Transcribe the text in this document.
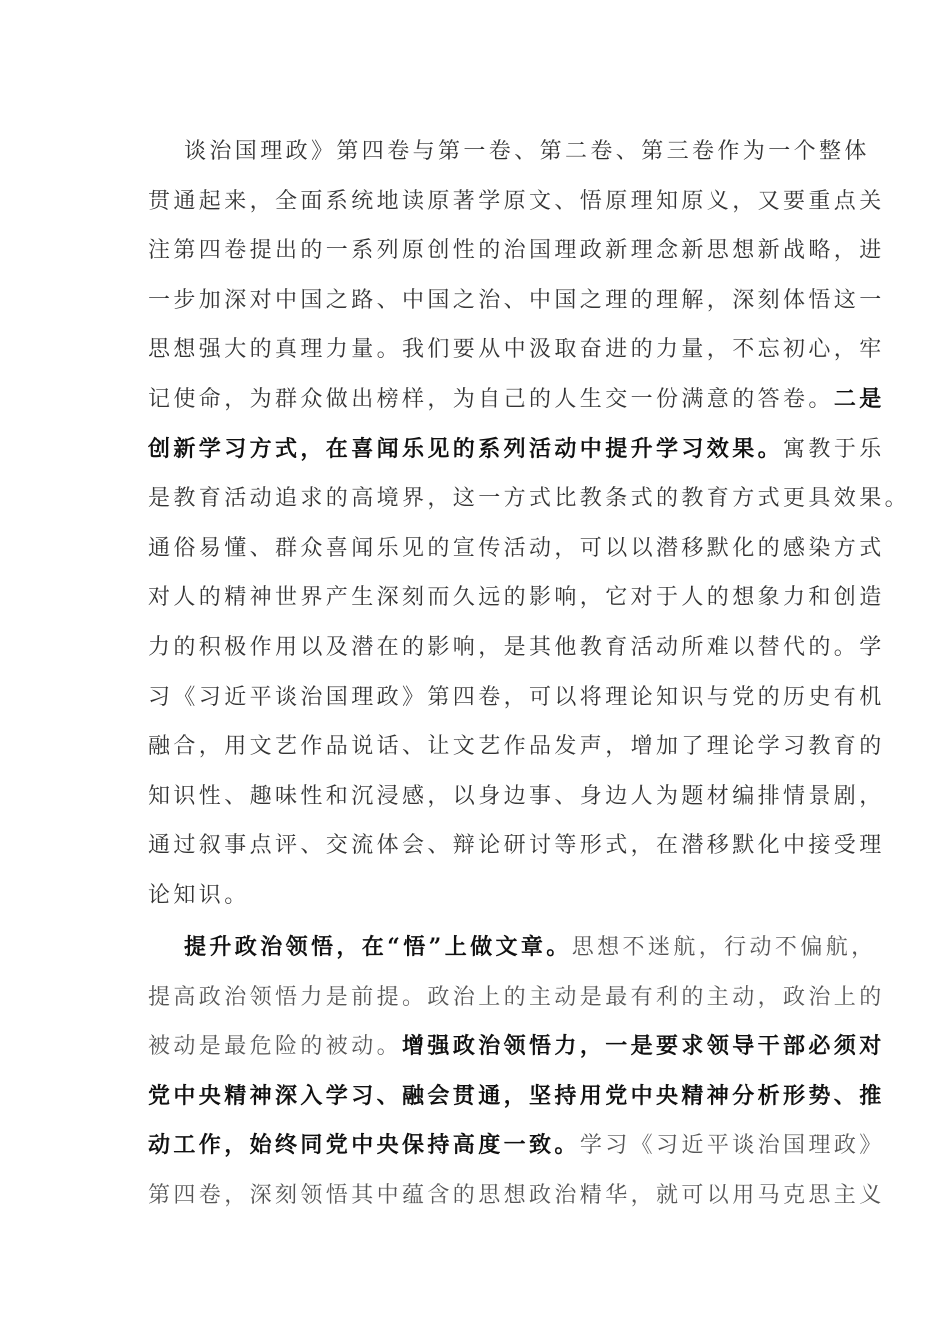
谈治国理政》第四卷与第一卷、第二卷、第三卷作为一个整体
贯通起来，全面系统地读原著学原文、悟原理知原义，又要重点关
注第四卷提出的一系列原创性的治国理政新理念新思想新战略，进
一步加深对中国之路、中国之治、中国之理的理解，深刻体悟这一
思想强大的真理力量。我们要从中汲取奋进的力量，不忘初心，牢
记使命，为群众做出榜样，为自己的人生交一份满意的答卷。二是
创新学习方式，在喜闻乐见的系列活动中提升学习效果。寓教于乐
是教育活动追求的高境界，这一方式比教条式的教育方式更具效果。
通俗易懂、群众喜闻乐见的宣传活动，可以以潜移默化的感染方式
对人的精神世界产生深刻而久远的影响，它对于人的想象力和创造
力的积极作用以及潜在的影响，是其他教育活动所难以替代的。学
习《习近平谈治国理政》第四卷，可以将理论知识与党的历史有机
融合，用文艺作品说话、让文艺作品发声，增加了理论学习教育的
知识性、趣味性和沉浸感，以身边事、身边人为题材编排情景剧，
通过叙事点评、交流体会、辩论研讨等形式，在潜移默化中接受理
论知识。
提升政治领悟，在“悟”上做文章。思想不迷航，行动不偏航，
提高政治领悟力是前提。政治上的主动是最有利的主动，政治上的
被动是最危险的被动。增强政治领悟力，一是要求领导干部必须对
党中央精神深入学习、融会贯通，坚持用党中央精神分析形势、推
动工作，始终同党中央保持高度一致。学习《习近平谈治国理政》
第四卷，深刻领悟其中蕴含的思想政治精华，就可以用马克思主义
